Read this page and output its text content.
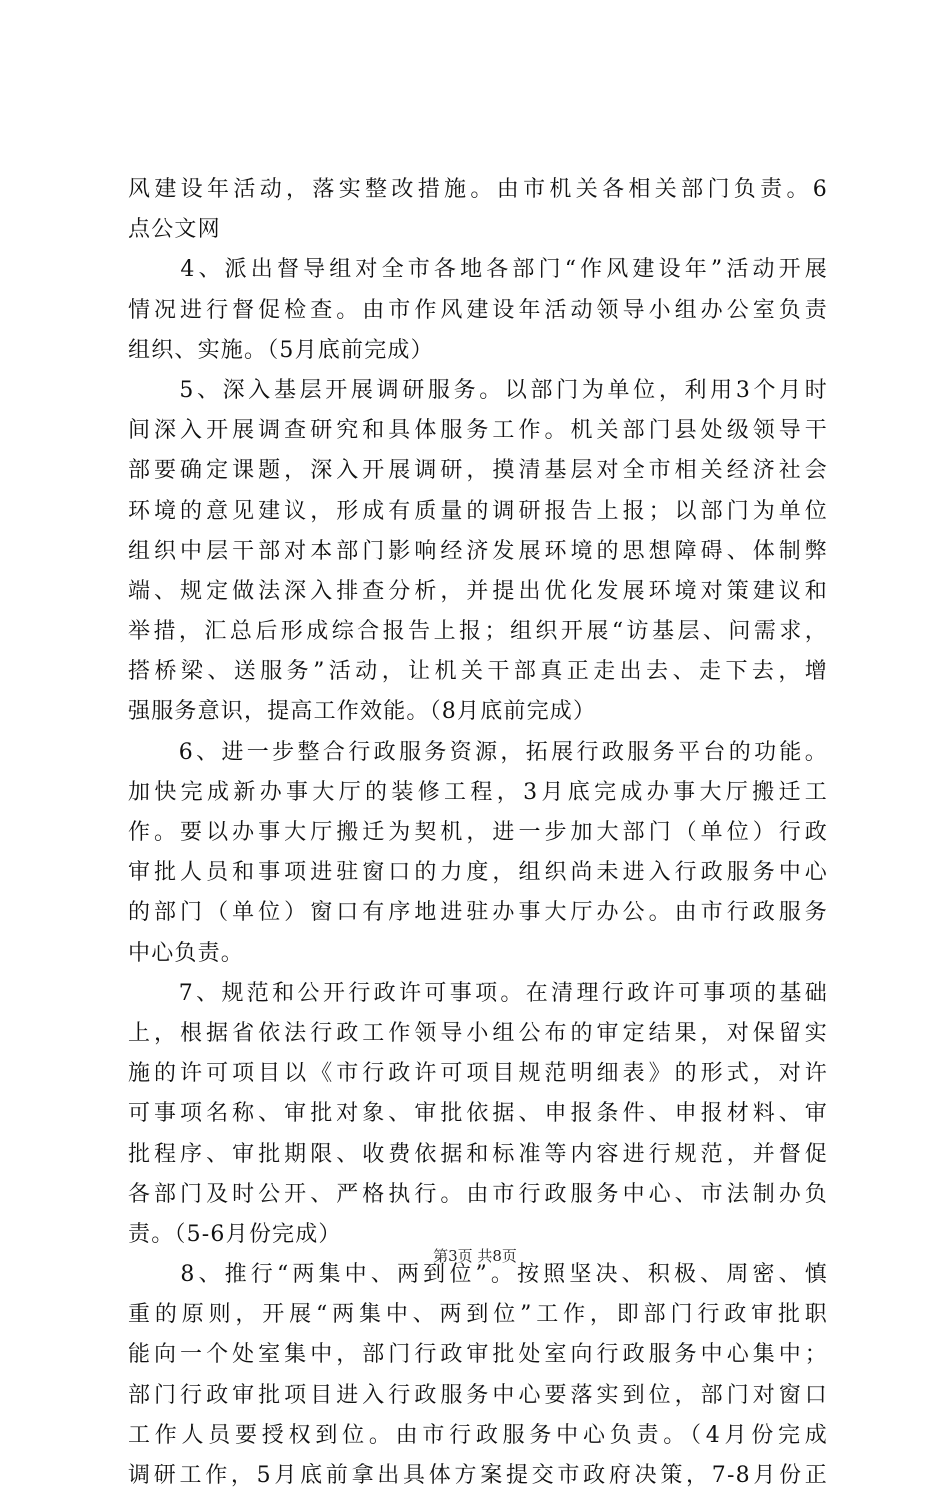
风建设年活动，落实整改措施。由市机关各相关部门负责。6
点公文网
　　4、派出督导组对全市各地各部门“作风建设年”活动开展
情况进行督促检查。由市作风建设年活动领导小组办公室负责
组织、实施。（5月底前完成）
　　5、深入基层开展调研服务。以部门为单位，利用3个月时
间深入开展调查研究和具体服务工作。机关部门县处级领导干
部要确定课题，深入开展调研，摸清基层对全市相关经济社会
环境的意见建议，形成有质量的调研报告上报；以部门为单位
组织中层干部对本部门影响经济发展环境的思想障碍、体制弊
端、规定做法深入排查分析，并提出优化发展环境对策建议和
举措，汇总后形成综合报告上报；组织开展“访基层、问需求，
搭桥梁、送服务”活动，让机关干部真正走出去、走下去，增
强服务意识，提高工作效能。（8月底前完成）
　　6、进一步整合行政服务资源，拓展行政服务平台的功能。
加快完成新办事大厅的装修工程，3月底完成办事大厅搬迁工
作。要以办事大厅搬迁为契机，进一步加大部门（单位）行政
审批人员和事项进驻窗口的力度，组织尚未进入行政服务中心
的部门（单位）窗口有序地进驻办事大厅办公。由市行政服务
中心负责。
　　7、规范和公开行政许可事项。在清理行政许可事项的基础
上，根据省依法行政工作领导小组公布的审定结果，对保留实
施的许可项目以《市行政许可项目规范明细表》的形式，对许
可事项名称、审批对象、审批依据、申报条件、申报材料、审
批程序、审批期限、收费依据和标准等内容进行规范，并督促
各部门及时公开、严格执行。由市行政服务中心、市法制办负
责。（5-6月份完成）
　　8、推行“两集中、两到位”。按照坚决、积极、周密、慎
重的原则，开展“两集中、两到位”工作，即部门行政审批职
能向一个处室集中，部门行政审批处室向行政服务中心集中；
部门行政审批项目进入行政服务中心要落实到位，部门对窗口
工作人员要授权到位。由市行政服务中心负责。（4月份完成
调研工作，5月底前拿出具体方案提交市政府决策，7-8月份正
第3页 共8页
